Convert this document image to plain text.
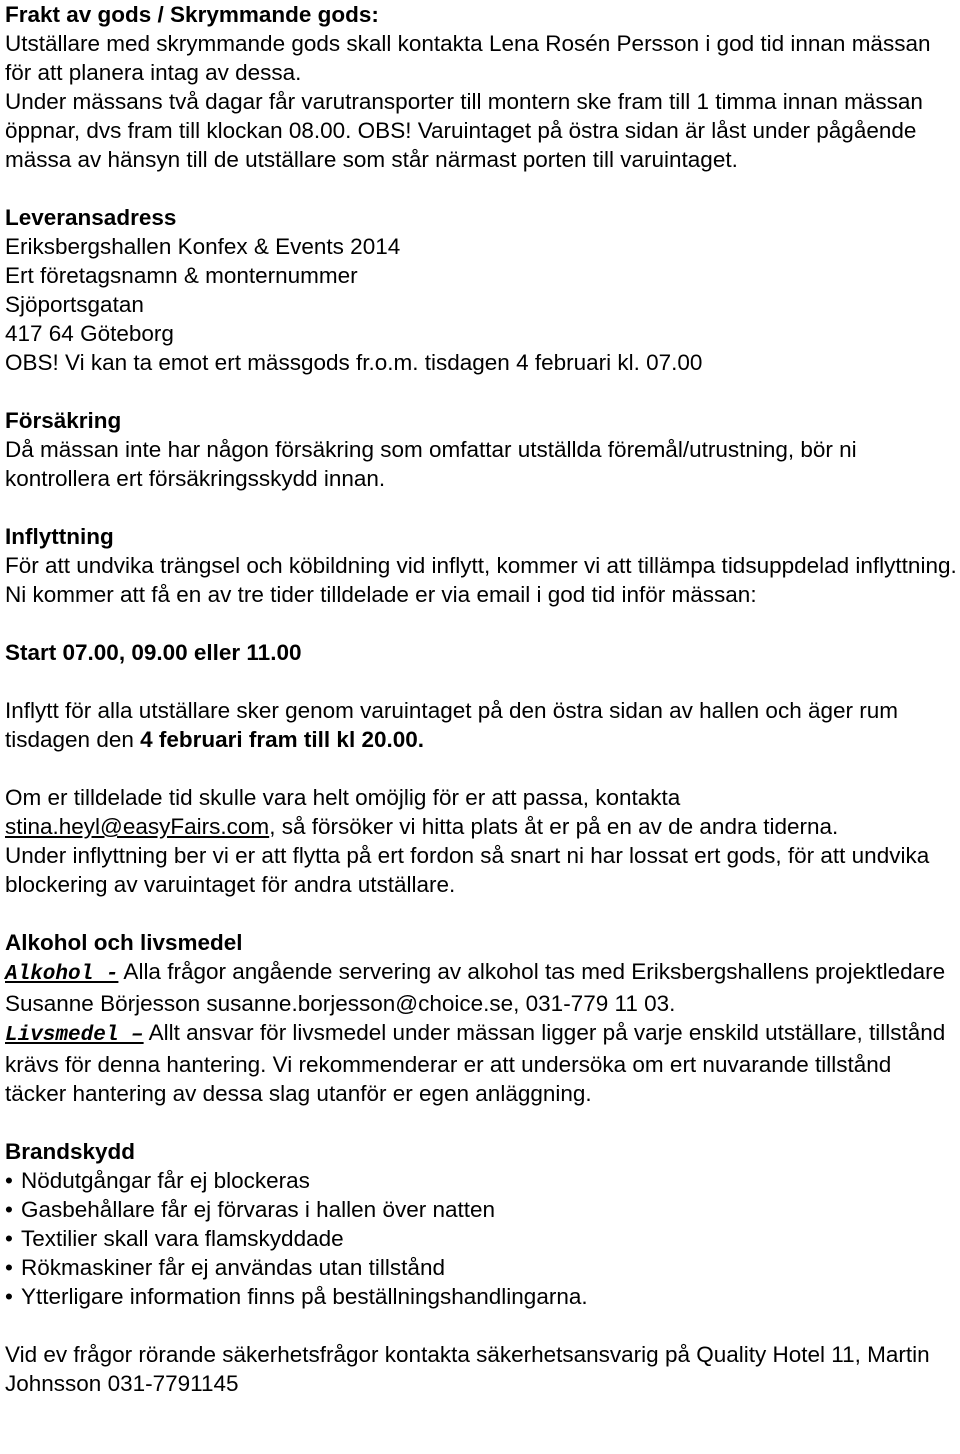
Frakt av gods / Skrymmande gods:

Utställare med skrymmande gods skall kontakta Lena Rosén Persson i god tid innan mässan för att planera intag av dessa.

Under mässans två dagar får varutransporter till montern ske fram till 1 timma innan mässan öppnar, dvs fram till klockan 08.00. OBS! Varuintaget på östra sidan är låst under pågående mässa av hänsyn till de utställare som står närmast porten till varuintaget.

Leveransadress

Eriksbergshallen Konfex & Events 2014

Ert företagsnamn & monternummer

Sjöportsgatan

417 64 Göteborg

OBS! Vi kan ta emot ert mässgods fr.o.m. tisdagen 4 februari kl. 07.00

Försäkring

Då mässan inte har någon försäkring som omfattar utställda föremål/utrustning, bör ni kontrollera ert försäkringsskydd innan.

Inflyttning

För att undvika trängsel och köbildning vid inflytt, kommer vi att tillämpa tidsuppdelad inflyttning. Ni kommer att få en av tre tider tilldelade er via email i god tid inför mässan:

Start 07.00, 09.00 eller 11.00

Inflytt för alla utställare sker genom varuintaget på den östra sidan av hallen och äger rum tisdagen den 4 februari fram till kl 20.00.

Om er tilldelade tid skulle vara helt omöjlig för er att passa, kontakta stina.heyl@easyFairs.com, så försöker vi hitta plats åt er på en av de andra tiderna.

Under inflyttning ber vi er att flytta på ert fordon så snart ni har lossat ert gods, för att undvika blockering av varuintaget för andra utställare.

Alkohol och livsmedel

Alkohol - Alla frågor angående servering av alkohol tas med Eriksbergshallens projektledare Susanne Börjesson susanne.borjesson@choice.se, 031-779 11 03.

Livsmedel – Allt ansvar för livsmedel under mässan ligger på varje enskild utställare, tillstånd krävs för denna hantering. Vi rekommenderar er att undersöka om ert nuvarande tillstånd täcker hantering av dessa slag utanför er egen anläggning.

Brandskydd

• Nödutgångar får ej blockeras

• Gasbehållare får ej förvaras i hallen över natten

• Textilier skall vara flamskyddade

• Rökmaskiner får ej användas utan tillstånd

• Ytterligare information finns på beställningshandlingarna.

Vid ev frågor rörande säkerhetsfrågor kontakta säkerhetsansvarig på Quality Hotel 11, Martin Johnsson 031-7791145
